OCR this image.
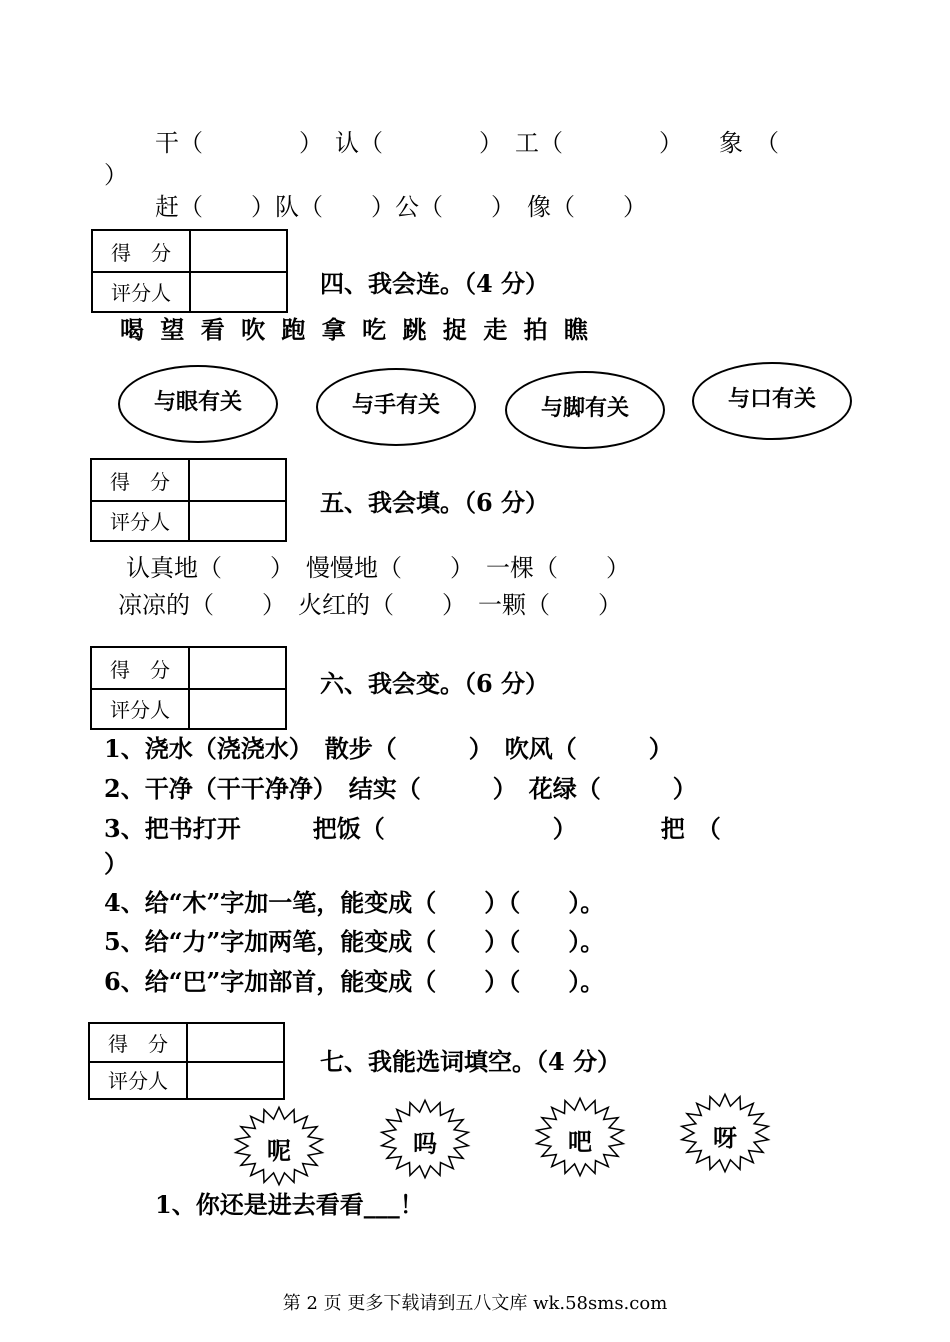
干（　　　　）　认（　　　　）　工（　　　　）　　象　（
）
赶（　　）队（　　）公（　　）　像（　　）
得　分
评分人	四、我会连。（4 分）
喝 望 看 吹 跑 拿 吃 跳 捉 走 拍 瞧
与眼有关	与手有关	与脚有关	与口有关
得　分
评分人
五、我会填。（6 分）
认真地（　　）　慢慢地（　　）　一棵（　　）
凉凉的（　　）　火红的（　　）　一颗（　　）
得　分
评分人
六、我会变。（6 分）
1、浇水（浇浇水）　散步（　　　）　吹风（　　　）
2、干净（干干净净）　结实（　　　）　花绿（　　　）
3、把书打开　　　把饭（　　　　　　　）　　　　把　（
）
4、给“木”字加一笔，能变成（　　）（　　）。
5、给“力”字加两笔，能变成（　　）（　　）。
6、给“巴”字加部首，能变成（　　）（　　）。
得　分
评分人
七、我能选词填空。（4 分）
呢	吗	吧	呀
1、你还是进去看看___！
第 2 页 更多下载请到五八文库 wk.58sms.com
